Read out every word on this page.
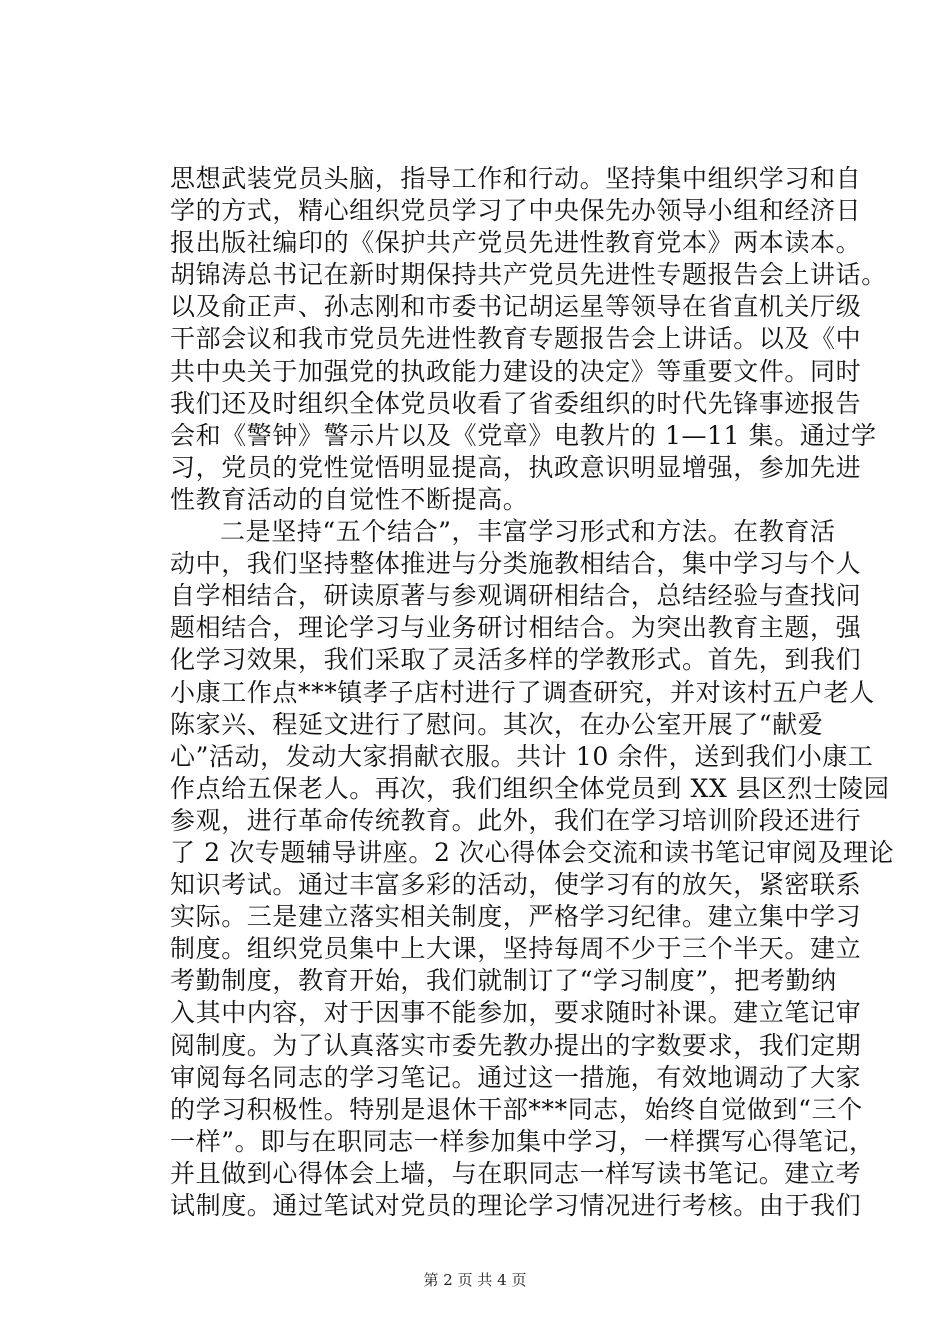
思想武装党员头脑，指导工作和行动。坚持集中组织学习和自
学的方式，精心组织党员学习了中央保先办领导小组和经济日
报出版社编印的《保护共产党员先进性教育党本》两本读本。
胡锦涛总书记在新时期保持共产党员先进性专题报告会上讲话。
以及俞正声、孙志刚和市委书记胡运星等领导在省直机关厅级
干部会议和我市党员先进性教育专题报告会上讲话。以及《中
共中央关于加强党的执政能力建设的决定》等重要文件。同时
我们还及时组织全体党员收看了省委组织的时代先锋事迹报告
会和《警钟》警示片以及《党章》电教片的 1—11 集。通过学
习，党员的党性觉悟明显提高，执政意识明显增强，参加先进
性教育活动的自觉性不断提高。
二是坚持“五个结合”，丰富学习形式和方法。在教育活
动中，我们坚持整体推进与分类施教相结合，集中学习与个人
自学相结合，研读原著与参观调研相结合，总结经验与查找问
题相结合，理论学习与业务研讨相结合。为突出教育主题，强
化学习效果，我们采取了灵活多样的学教形式。首先，到我们
小康工作点***镇孝子店村进行了调查研究，并对该村五户老人
陈家兴、程延文进行了慰问。其次，在办公室开展了“献爱
心”活动，发动大家捐献衣服。共计 10 余件，送到我们小康工
作点给五保老人。再次，我们组织全体党员到 XX 县区烈士陵园
参观，进行革命传统教育。此外，我们在学习培训阶段还进行
了 2 次专题辅导讲座。2 次心得体会交流和读书笔记审阅及理论
知识考试。通过丰富多彩的活动，使学习有的放矢，紧密联系
实际。三是建立落实相关制度，严格学习纪律。建立集中学习
制度。组织党员集中上大课，坚持每周不少于三个半天。建立
考勤制度，教育开始，我们就制订了“学习制度”，把考勤纳
入其中内容，对于因事不能参加，要求随时补课。建立笔记审
阅制度。为了认真落实市委先教办提出的字数要求，我们定期
审阅每名同志的学习笔记。通过这一措施，有效地调动了大家
的学习积极性。特别是退休干部***同志，始终自觉做到“三个
一样”。即与在职同志一样参加集中学习，一样撰写心得笔记，
并且做到心得体会上墙，与在职同志一样写读书笔记。建立考
试制度。通过笔试对党员的理论学习情况进行考核。由于我们
第 2 页 共 4 页
